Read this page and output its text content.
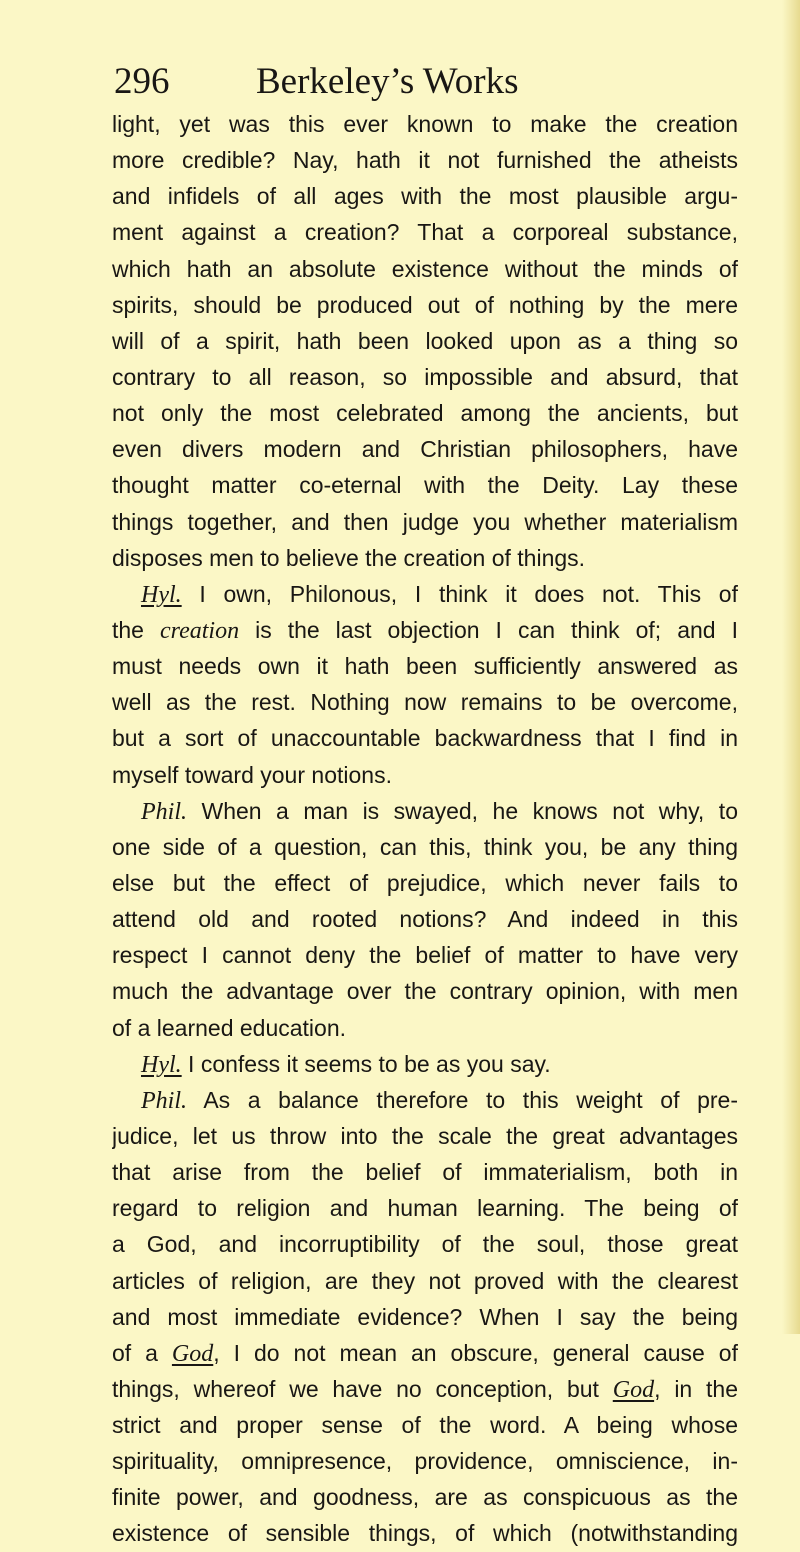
296 Berkeley’s Works
light, yet was this ever known to make the creation
more credible? Nay, hath it not furnished the atheists
and infidels of all ages with the most plausible argu-
ment against a creation? That a corporeal substance,
which hath an absolute existence without the minds of
spirits, should be produced out of nothing by the mere
will of a spirit, hath been looked upon as a thing so
contrary to all reason, so impossible and absurd, that
not only the most celebrated among the ancients, but
even divers modern and Christian philosophers, have
thought matter co-eternal with the Deity. Lay these
things together, and then judge you whether materialism
disposes men to believe the creation of things.
Hyl. I own, Philonous, I think it does not. This of
the creation is the last objection I can think of; and I
must needs own it hath been sufficiently answered as
well as the rest. Nothing now remains to be overcome,
but a sort of unaccountable backwardness that I find in
myself toward your notions.
Phil. When a man is swayed, he knows not why, to
one side of a question, can this, think you, be any thing
else but the effect of prejudice, which never fails to
attend old and rooted notions? And indeed in this
respect I cannot deny the belief of matter to have very
much the advantage over the contrary opinion, with men
of a learned education.
Hyl. I confess it seems to be as you say.
Phil. As a balance therefore to this weight of pre-
judice, let us throw into the scale the great advantages
that arise from the belief of immaterialism, both in
regard to religion and human learning. The being of
a God, and incorruptibility of the soul, those great
articles of religion, are they not proved with the clearest
and most immediate evidence? When I say the being
of a God, I do not mean an obscure, general cause of
things, whereof we have no conception, but God, in the
strict and proper sense of the word. A being whose
spirituality, omnipresence, providence, omniscience, in-
finite power, and goodness, are as conspicuous as the
existence of sensible things, of which (notwithstanding
